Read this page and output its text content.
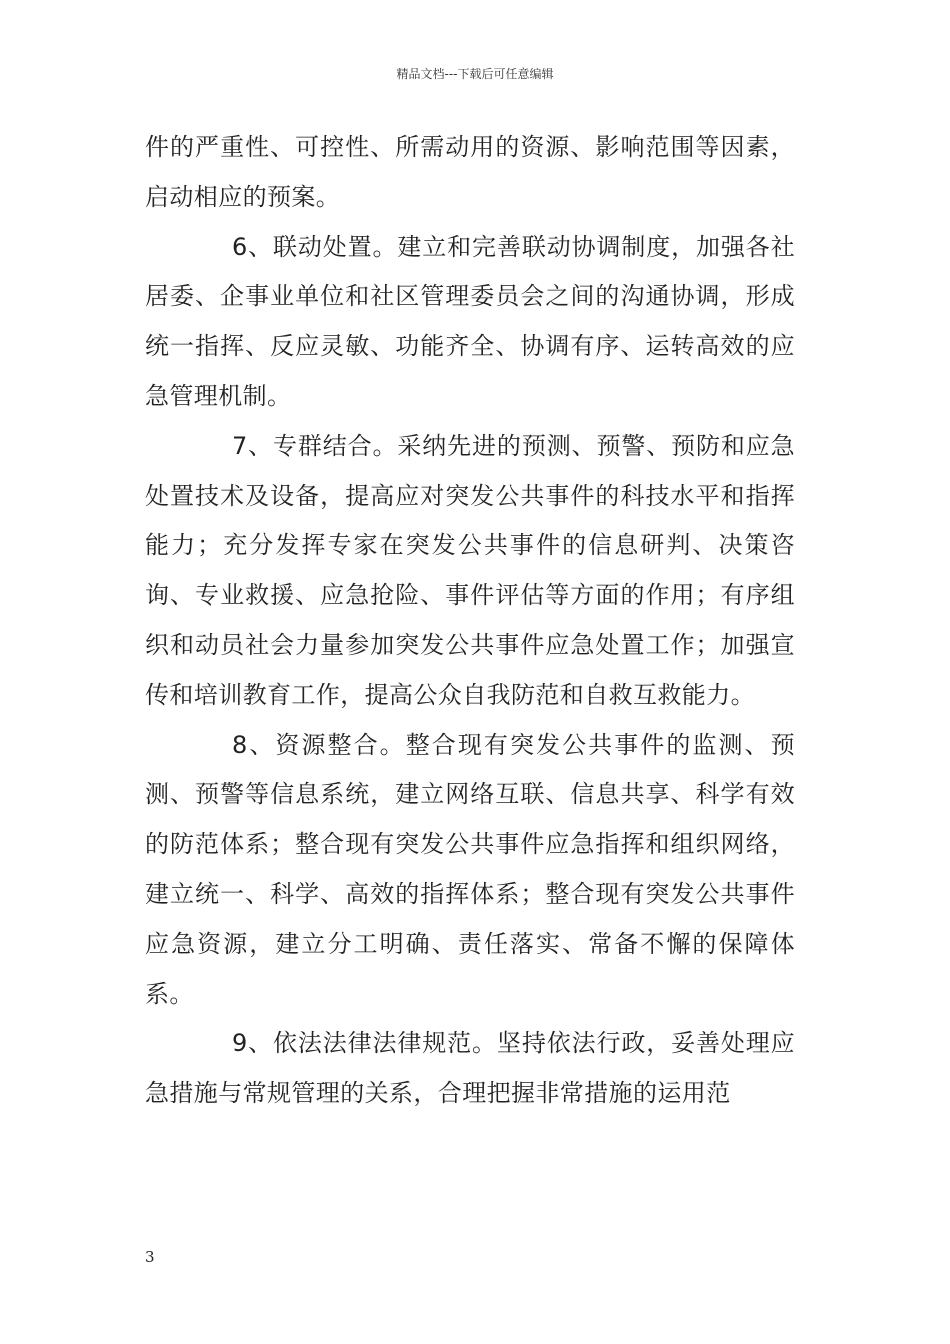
精品文档---下载后可任意编辑

件的严重性、可控性、所需动用的资源、影响范围等因素，启动相应的预案。

6、联动处置。建立和完善联动协调制度，加强各社居委、企事业单位和社区管理委员会之间的沟通协调，形成统一指挥、反应灵敏、功能齐全、协调有序、运转高效的应急管理机制。

7、专群结合。采纳先进的预测、预警、预防和应急处置技术及设备，提高应对突发公共事件的科技水平和指挥能力；充分发挥专家在突发公共事件的信息研判、决策咨询、专业救援、应急抢险、事件评估等方面的作用；有序组织和动员社会力量参加突发公共事件应急处置工作；加强宣传和培训教育工作，提高公众自我防范和自救互救能力。

8、资源整合。整合现有突发公共事件的监测、预测、预警等信息系统，建立网络互联、信息共享、科学有效的防范体系；整合现有突发公共事件应急指挥和组织网络，建立统一、科学、高效的指挥体系；整合现有突发公共事件应急资源，建立分工明确、责任落实、常备不懈的保障体系。

9、依法法律法律规范。坚持依法行政，妥善处理应急措施与常规管理的关系，合理把握非常措施的运用范

3
